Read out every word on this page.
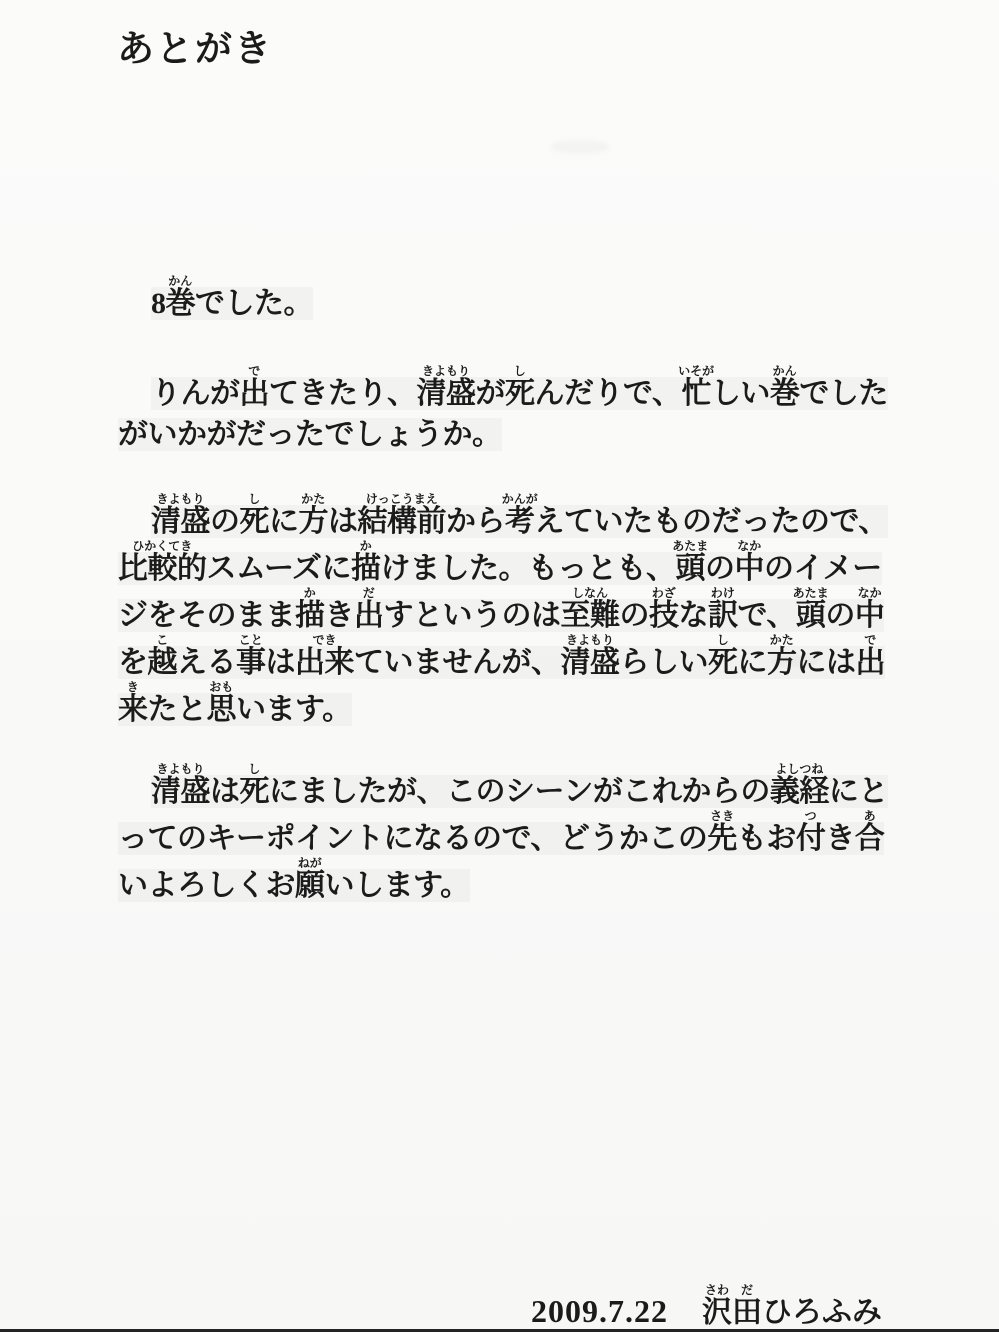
あとがき
8巻かんでした。
りんが出でてきたり、清盛きよもりが死しんだりで、忙いそがしい巻かんでした
がいかがだったでしょうか。
清盛きよもりの死しに方かたは結構前けっこうまえから考かんがえていたものだったので、
比較的ひかくてきスムーズに描かけました。もっとも、頭あたまの中なかのイメー
ジをそのまま描かき出だすというのは至難しなんの技わざな訳わけで、頭あたまの中なか
を越こえる事ことは出来できていませんが、清盛きよもりらしい死しに方かたには出で
来きたと思おもいます。
清盛きよもりは死しにましたが、このシーンがこれからの義経よしつねにと
ってのキーポイントになるので、どうかこの先さきもお付つき合あ
いよろしくお願ねがいします。
2009.7.22 沢さわ田だひろふみ
